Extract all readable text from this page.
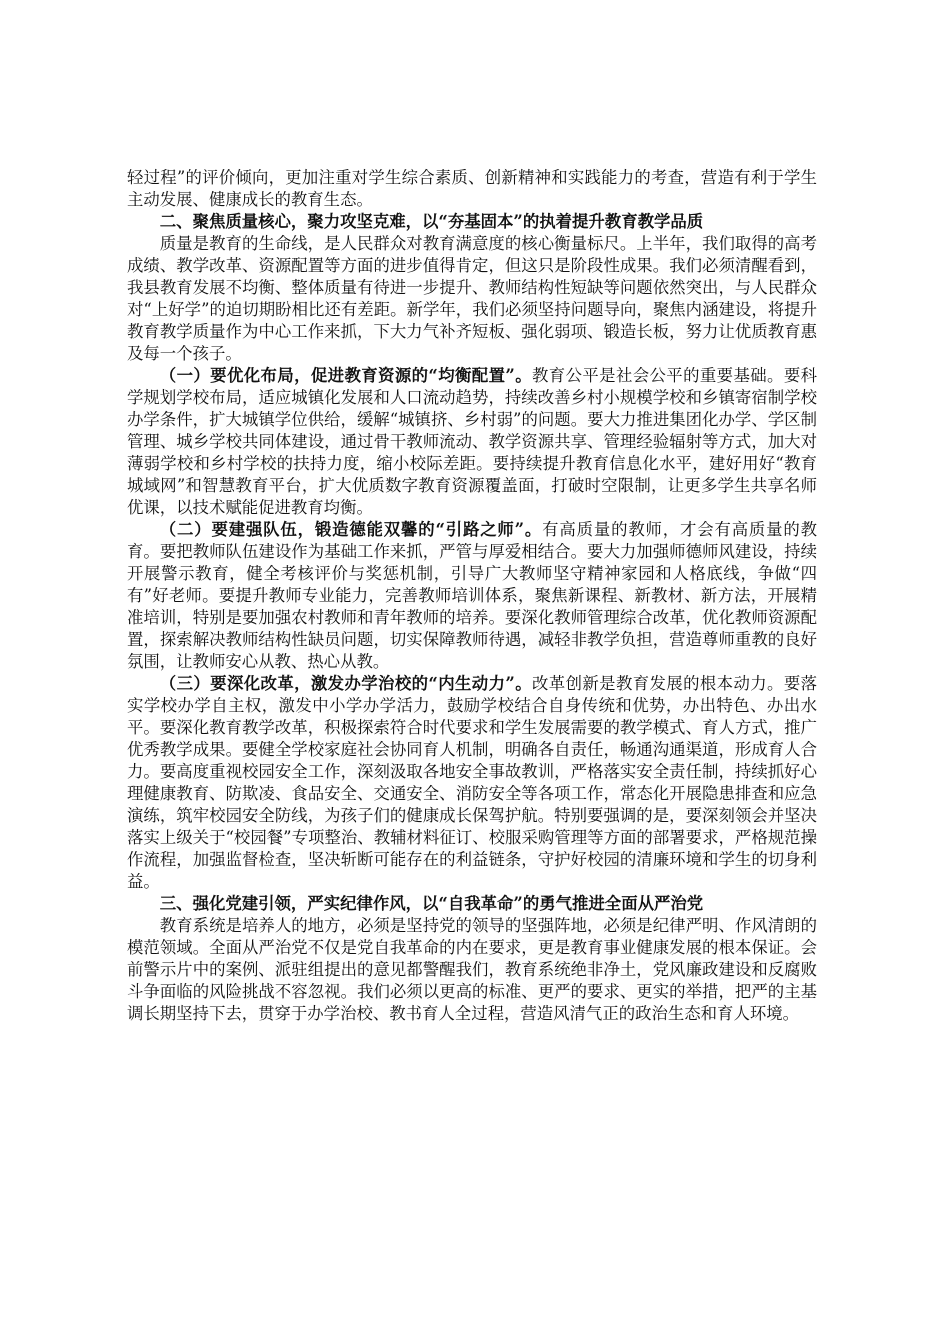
轻过程”的评价倾向，更加注重对学生综合素质、创新精神和实践能力的考查，营造有利于学生主动发展、健康成长的教育生态。

二、聚焦质量核心，聚力攻坚克难，以“夯基固本”的执着提升教育教学品质

质量是教育的生命线，是人民群众对教育满意度的核心衡量标尺。上半年，我们取得的高考成绩、教学改革、资源配置等方面的进步值得肯定，但这只是阶段性成果。我们必须清醒看到，我县教育发展不均衡、整体质量有待进一步提升、教师结构性短缺等问题依然突出，与人民群众对“上好学”的迫切期盼相比还有差距。新学年，我们必须坚持问题导向，聚焦内涵建设，将提升教育教学质量作为中心工作来抓，下大力气补齐短板、强化弱项、锻造长板，努力让优质教育惠及每一个孩子。

（一）要优化布局，促进教育资源的“均衡配置”。教育公平是社会公平的重要基础。要科学规划学校布局，适应城镇化发展和人口流动趋势，持续改善乡村小规模学校和乡镇寄宿制学校办学条件，扩大城镇学位供给，缓解“城镇挤、乡村弱”的问题。要大力推进集团化办学、学区制管理、城乡学校共同体建设，通过骨干教师流动、教学资源共享、管理经验辐射等方式，加大对薄弱学校和乡村学校的扶持力度，缩小校际差距。要持续提升教育信息化水平，建好用好“教育城域网”和智慧教育平台，扩大优质数字教育资源覆盖面，打破时空限制，让更多学生共享名师优课，以技术赋能促进教育均衡。

（二）要建强队伍，锻造德能双馨的“引路之师”。有高质量的教师，才会有高质量的教育。要把教师队伍建设作为基础工作来抓，严管与厚爱相结合。要大力加强师德师风建设，持续开展警示教育，健全考核评价与奖惩机制，引导广大教师坚守精神家园和人格底线，争做“四有”好老师。要提升教师专业能力，完善教师培训体系，聚焦新课程、新教材、新方法，开展精准培训，特别是要加强农村教师和青年教师的培养。要深化教师管理综合改革，优化教师资源配置，探索解决教师结构性缺员问题，切实保障教师待遇，减轻非教学负担，营造尊师重教的良好氛围，让教师安心从教、热心从教。

（三）要深化改革，激发办学治校的“内生动力”。改革创新是教育发展的根本动力。要落实学校办学自主权，激发中小学办学活力，鼓励学校结合自身传统和优势，办出特色、办出水平。要深化教育教学改革，积极探索符合时代要求和学生发展需要的教学模式、育人方式，推广优秀教学成果。要健全学校家庭社会协同育人机制，明确各自责任，畅通沟通渠道，形成育人合力。要高度重视校园安全工作，深刻汲取各地安全事故教训，严格落实安全责任制，持续抓好心理健康教育、防欺凌、食品安全、交通安全、消防安全等各项工作，常态化开展隐患排查和应急演练，筑牢校园安全防线，为孩子们的健康成长保驾护航。特别要强调的是，要深刻领会并坚决落实上级关于“校园餐”专项整治、教辅材料征订、校服采购管理等方面的部署要求，严格规范操作流程，加强监督检查，坚决斩断可能存在的利益链条，守护好校园的清廉环境和学生的切身利益。

三、强化党建引领，严实纪律作风，以“自我革命”的勇气推进全面从严治党

教育系统是培养人的地方，必须是坚持党的领导的坚强阵地，必须是纪律严明、作风清朗的模范领域。全面从严治党不仅是党自我革命的内在要求，更是教育事业健康发展的根本保证。会前警示片中的案例、派驻组提出的意见都警醒我们，教育系统绝非净土，党风廉政建设和反腐败斗争面临的风险挑战不容忽视。我们必须以更高的标准、更严的要求、更实的举措，把严的主基调长期坚持下去，贯穿于办学治校、教书育人全过程，营造风清气正的政治生态和育人环境。
